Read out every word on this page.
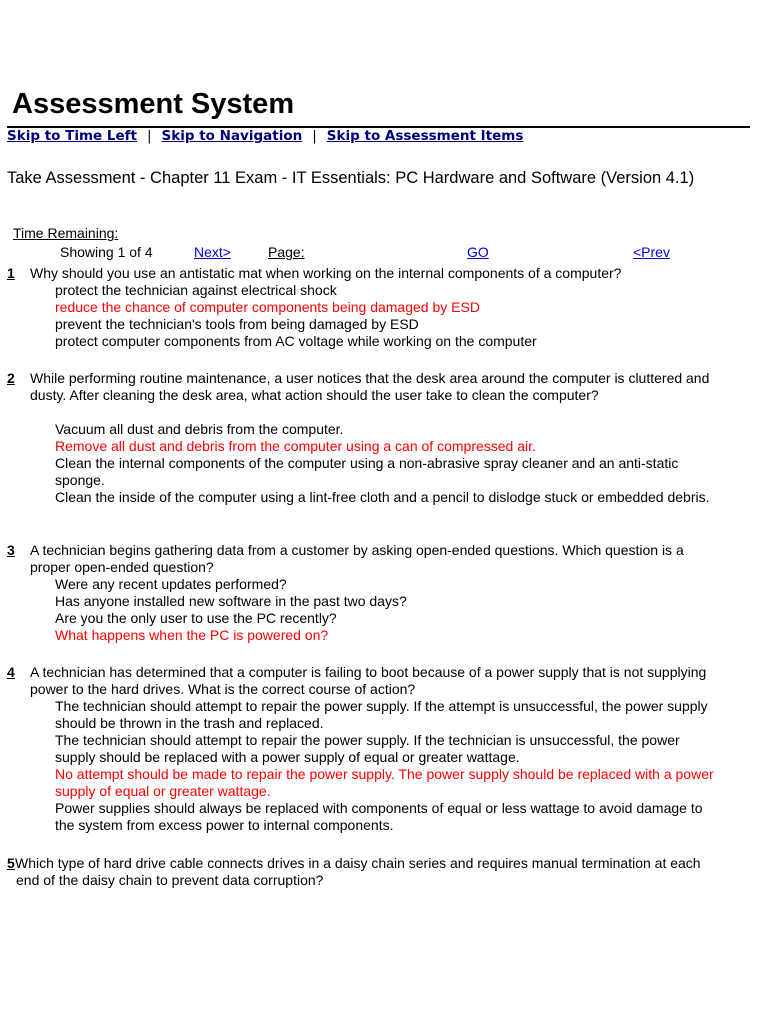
Assessment System
Skip to Time Left | Skip to Navigation | Skip to Assessment Items
Take Assessment - Chapter 11 Exam - IT Essentials: PC Hardware and Software (Version 4.1)
Time Remaining:
Showing 1 of 4	Next>	Page:	GO	<Prev
1 Why should you use an antistatic mat when working on the internal components of a computer?
protect the technician against electrical shock
reduce the chance of computer components being damaged by ESD
prevent the technician's tools from being damaged by ESD
protect computer components from AC voltage while working on the computer
2 While performing routine maintenance, a user notices that the desk area around the computer is cluttered and dusty. After cleaning the desk area, what action should the user take to clean the computer?
Vacuum all dust and debris from the computer.
Remove all dust and debris from the computer using a can of compressed air.
Clean the internal components of the computer using a non-abrasive spray cleaner and an anti-static sponge.
Clean the inside of the computer using a lint-free cloth and a pencil to dislodge stuck or embedded debris.
3 A technician begins gathering data from a customer by asking open-ended questions. Which question is a proper open-ended question?
Were any recent updates performed?
Has anyone installed new software in the past two days?
Are you the only user to use the PC recently?
What happens when the PC is powered on?
4 A technician has determined that a computer is failing to boot because of a power supply that is not supplying power to the hard drives. What is the correct course of action?
The technician should attempt to repair the power supply. If the attempt is unsuccessful, the power supply should be thrown in the trash and replaced.
The technician should attempt to repair the power supply. If the technician is unsuccessful, the power supply should be replaced with a power supply of equal or greater wattage.
No attempt should be made to repair the power supply. The power supply should be replaced with a power supply of equal or greater wattage.
Power supplies should always be replaced with components of equal or less wattage to avoid damage to the system from excess power to internal components.
5 Which type of hard drive cable connects drives in a daisy chain series and requires manual termination at each end of the daisy chain to prevent data corruption?
